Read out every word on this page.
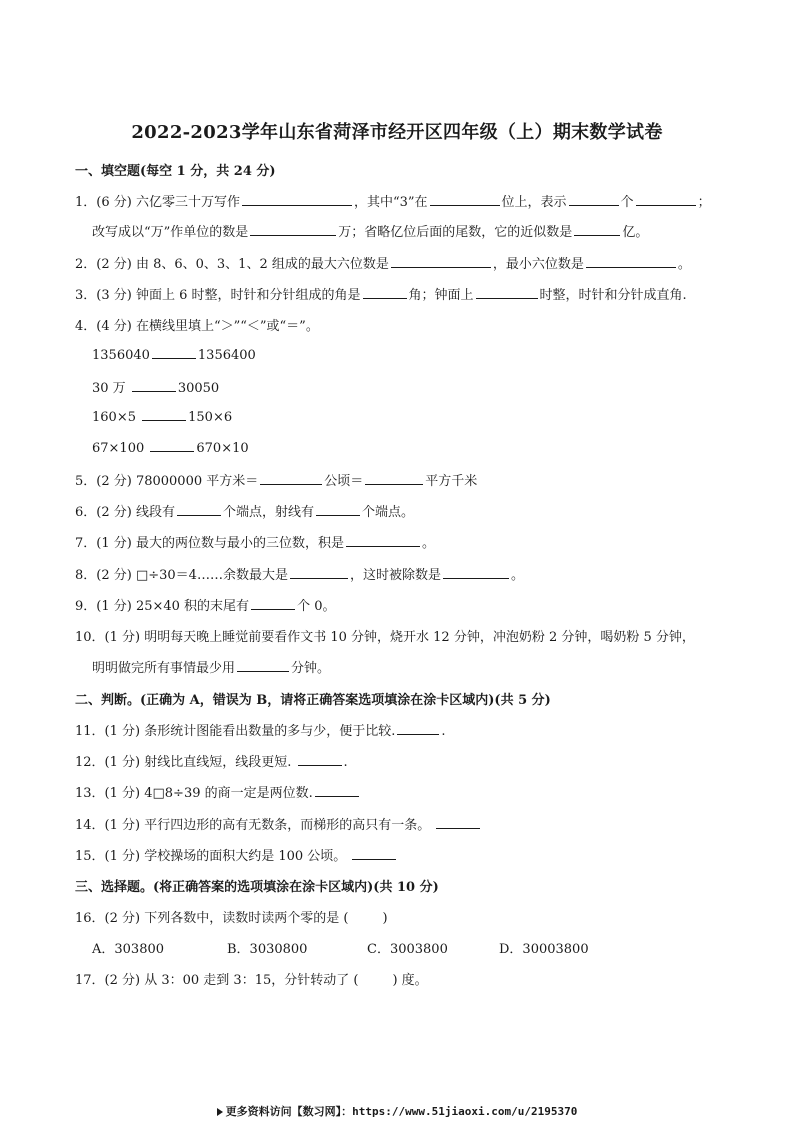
2022-2023学年山东省菏泽市经开区四年级（上）期末数学试卷
一、填空题(每空 1 分，共 24 分)
1．(6 分) 六亿零三十万写作	，其中“3”在	位上，表示	个	；
改写成以“万”作单位的数是	万；省略亿位后面的尾数，它的近似数是	亿。
2．(2 分) 由 8、6、0、3、1、2 组成的最大六位数是	，最小六位数是	。
3．(3 分) 钟面上 6 时整，时针和分针组成的角是	角；钟面上	时整，时针和分针成直角.
4．(4 分) 在横线里填上“＞”“＜”或“＝”。
1356040	1356400
30 万	30050
160×5	150×6
67×100	670×10
5．(2 分) 78000000 平方米＝	公顷＝	平方千米
6．(2 分) 线段有	个端点，射线有	个端点。
7．(1 分) 最大的两位数与最小的三位数，积是	。
8．(2 分) □÷30＝4……余数最大是	，这时被除数是	。
9．(1 分) 25×40 积的末尾有	个 0。
10．(1 分) 明明每天晚上睡觉前要看作文书 10 分钟，烧开水 12 分钟，冲泡奶粉 2 分钟，喝奶粉 5 分钟，
明明做完所有事情最少用	分钟。
二、判断。(正确为 A，错误为 B，请将正确答案选项填涂在涂卡区域内)(共 5 分)
11．(1 分) 条形统计图能看出数量的多与少，便于比较.	.
12．(1 分) 射线比直线短，线段更短.	.
13．(1 分) 4□8÷39 的商一定是两位数.
14．(1 分) 平行四边形的高有无数条，而梯形的高只有一条。
15．(1 分) 学校操场的面积大约是 100 公顷。
三、选择题。(将正确答案的选项填涂在涂卡区域内)(共 10 分)
16．(2 分) 下列各数中，读数时读两个零的是 (	)
A．303800	B．3030800	C．3003800	D．30003800
17．(2 分) 从 3：00 走到 3：15，分针转动了 (	) 度。
更多资料访问【数习网】：https://www.51jiaoxi.com/u/2195370
